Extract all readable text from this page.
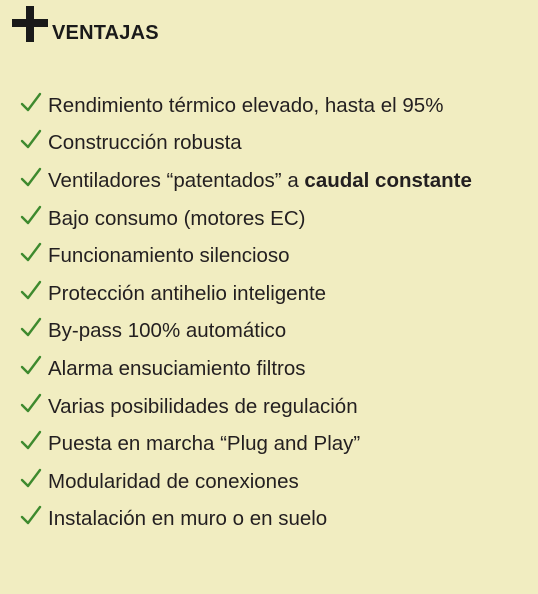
VENTAJAS
Rendimiento térmico elevado, hasta el 95%
Construcción robusta
Ventiladores “patentados” a caudal constante
Bajo consumo (motores EC)
Funcionamiento silencioso
Protección antihelio inteligente
By-pass 100% automático
Alarma ensuciamiento filtros
Varias posibilidades de regulación
Puesta en marcha “Plug and Play”
Modularidad de conexiones
Instalación en muro o en suelo
